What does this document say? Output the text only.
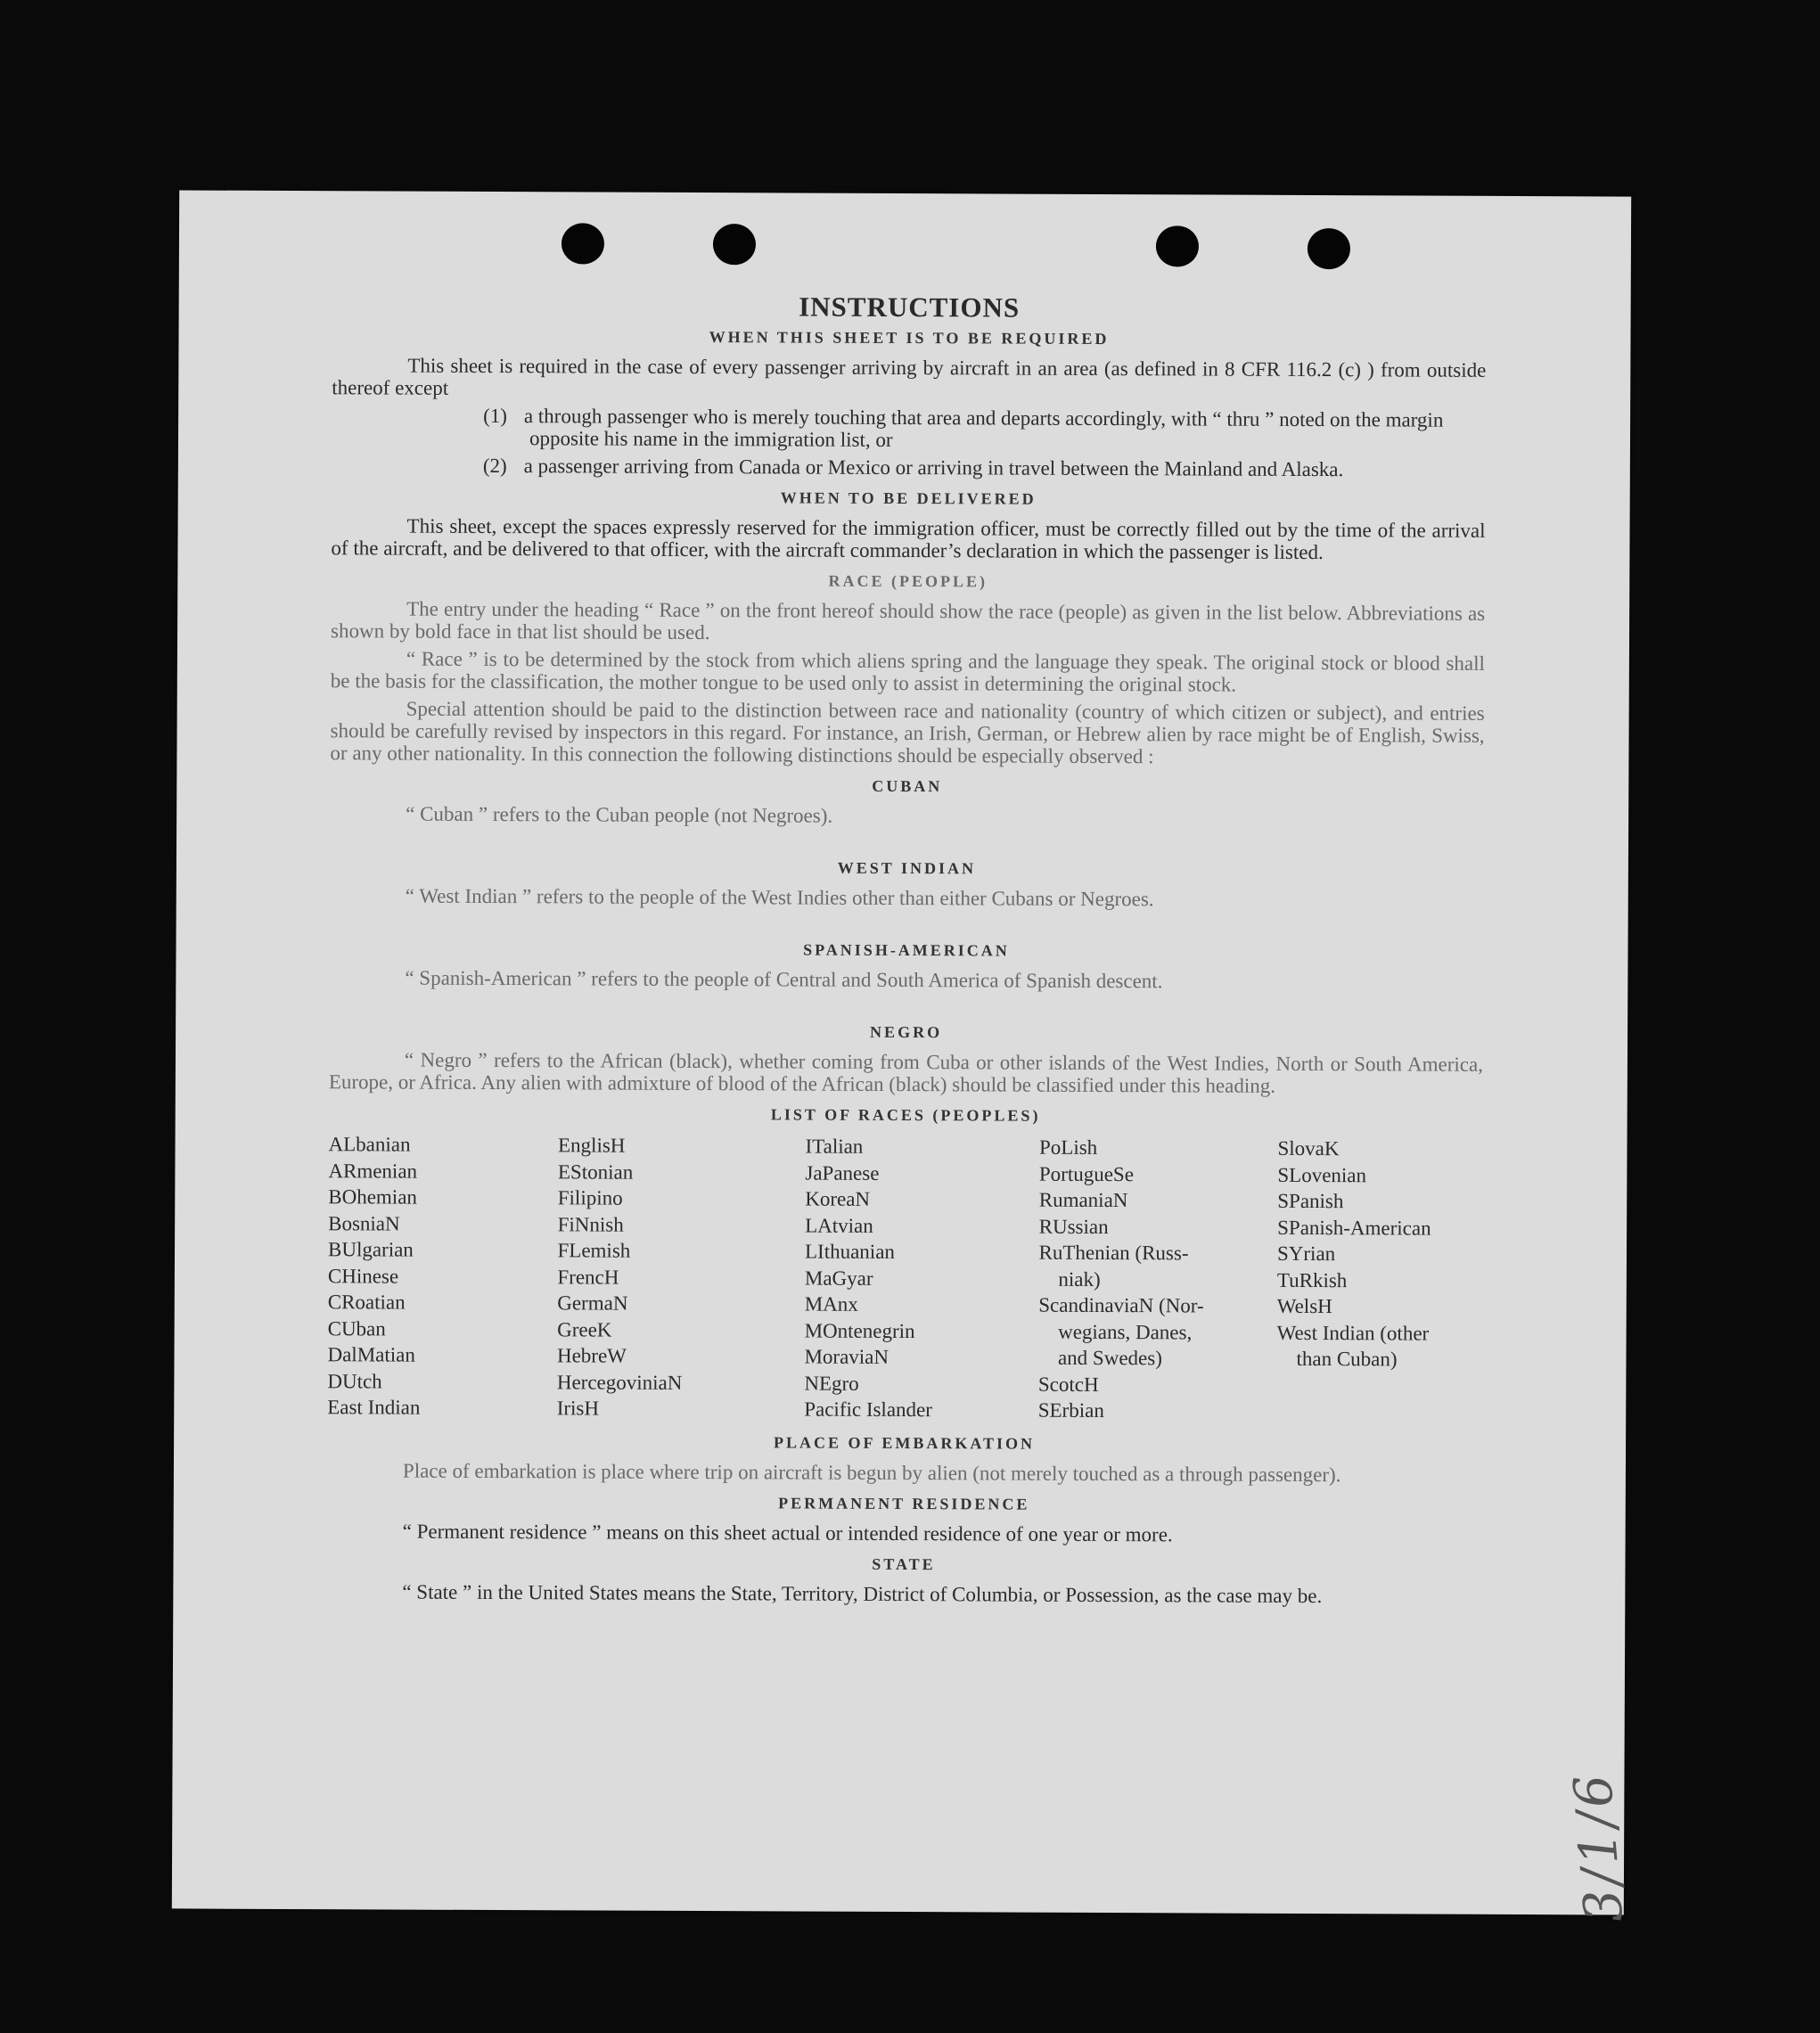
3/1/6
INSTRUCTIONS
WHEN THIS SHEET IS TO BE REQUIRED

This sheet is required in the case of every passenger arriving by aircraft in an area (as defined in 8 CFR 116.2 (c) ) from outside thereof except

(1) a through passenger who is merely touching that area and departs accordingly, with “ thru ” noted on the margin opposite his name in the immigration list, or
(2) a passenger arriving from Canada or Mexico or arriving in travel between the Mainland and Alaska.
WHEN TO BE DELIVERED

This sheet, except the spaces expressly reserved for the immigration officer, must be correctly filled out by the time of the arrival of the aircraft, and be delivered to that officer, with the aircraft commander’s declaration in which the passenger is listed.

RACE (PEOPLE)

The entry under the heading “ Race ” on the front hereof should show the race (people) as given in the list below. Abbreviations as shown by bold face in that list should be used.

“ Race ” is to be determined by the stock from which aliens spring and the language they speak. The original stock or blood shall be the basis for the classification, the mother tongue to be used only to assist in determining the original stock.

Special attention should be paid to the distinction between race and nationality (country of which citizen or subject), and entries should be carefully revised by inspectors in this regard. For instance, an Irish, German, or Hebrew alien by race might be of English, Swiss, or any other nationality. In this connection the following distinctions should be especially observed :

CUBAN

“ Cuban ” refers to the Cuban people (not Negroes).

WEST INDIAN

“ West Indian ” refers to the people of the West Indies other than either Cubans or Negroes.

SPANISH-AMERICAN

“ Spanish-American ” refers to the people of Central and South America of Spanish descent.

NEGRO

“ Negro ” refers to the African (black), whether coming from Cuba or other islands of the West Indies, North or South America, Europe, or Africa. Any alien with admixture of blood of the African (black) should be classified under this heading.

LIST OF RACES (PEOPLES)
ALbanian
ARmenian
BOhemian
BosniaN
BUlgarian
CHinese
CRoatian
CUban
DalMatian
DUtch
East Indian
EnglisH
EStonian
Filipino
FiNnish
FLemish
FrencH
GermaN
GreeK
HebreW
HercegovinіaN
IrisH
ITalian
JaPanese
KoreaN
LAtvian
LIthuanian
MaGyar
MAnx
MOntenegrin
MoraviaN
NEgro
Pacific Islander
PoLish
PortugueSe
RumaniaN
RUssian
RuThenian (Russ-
niak)
ScandinaviaN (Nor-
wegians, Danes,
and Swedes)
ScotcH
SErbian
SlovaK
SLovenian
SPanish
SPanish-American
SYrian
TuRkish
WelsH
West Indian (other
than Cuban)
PLACE OF EMBARKATION

Place of embarkation is place where trip on aircraft is begun by alien (not merely touched as a through passenger).

PERMANENT RESIDENCE

“ Permanent residence ” means on this sheet actual or intended residence of one year or more.

STATE

“ State ” in the United States means the State, Territory, District of Columbia, or Possession, as the case may be.
